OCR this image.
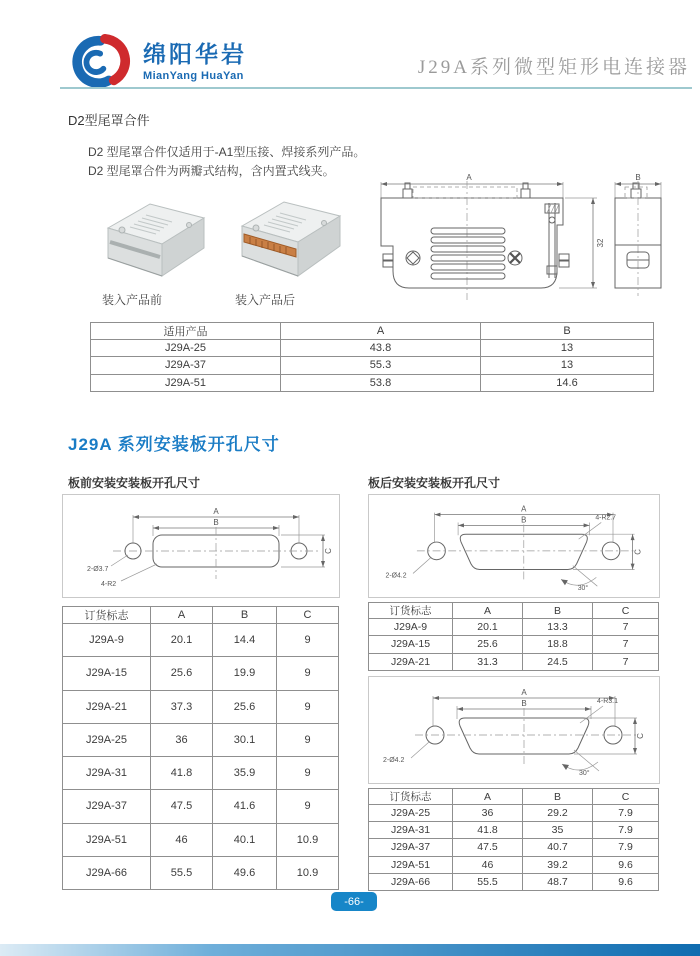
绵阳华岩
MianYang HuaYan	J29A系列微型矩形电连接器
D2型尾罩合件
D2 型尾罩合件仅适用于-A1型压接、焊接系列产品。
D2 型尾罩合件为两瓣式结构，含内置式线夹。
装入产品前	装入产品后
A
32
B
适用产品	A	B
J29A-25	43.8	13
J29A-37	55.3	13
J29A-51	53.8	14.6
J29A 系列安装板开孔尺寸
板前安装安装板开孔尺寸	板后安装安装板开孔尺寸
A
B
C
2-Ø3.7
4-R2
订货标志	A	B	C
J29A-9	20.1	14.4	9
J29A-15	25.6	19.9	9
J29A-21	37.3	25.6	9
J29A-25	36	30.1	9
J29A-31	41.8	35.9	9
J29A-37	47.5	41.6	9
J29A-51	46	40.1	10.9
J29A-66	55.5	49.6	10.9
A
B
C
4-R2.7
2-Ø4.2
30°
订货标志	A	B	C
J29A-9	20.1	13.3	7
J29A-15	25.6	18.8	7
J29A-21	31.3	24.5	7
A
B
C
4-R3.1
2-Ø4.2
30°
订货标志	A	B	C
J29A-25	36	29.2	7.9
J29A-31	41.8	35	7.9
J29A-37	47.5	40.7	7.9
J29A-51	46	39.2	9.6
J29A-66	55.5	48.7	9.6
-66-
